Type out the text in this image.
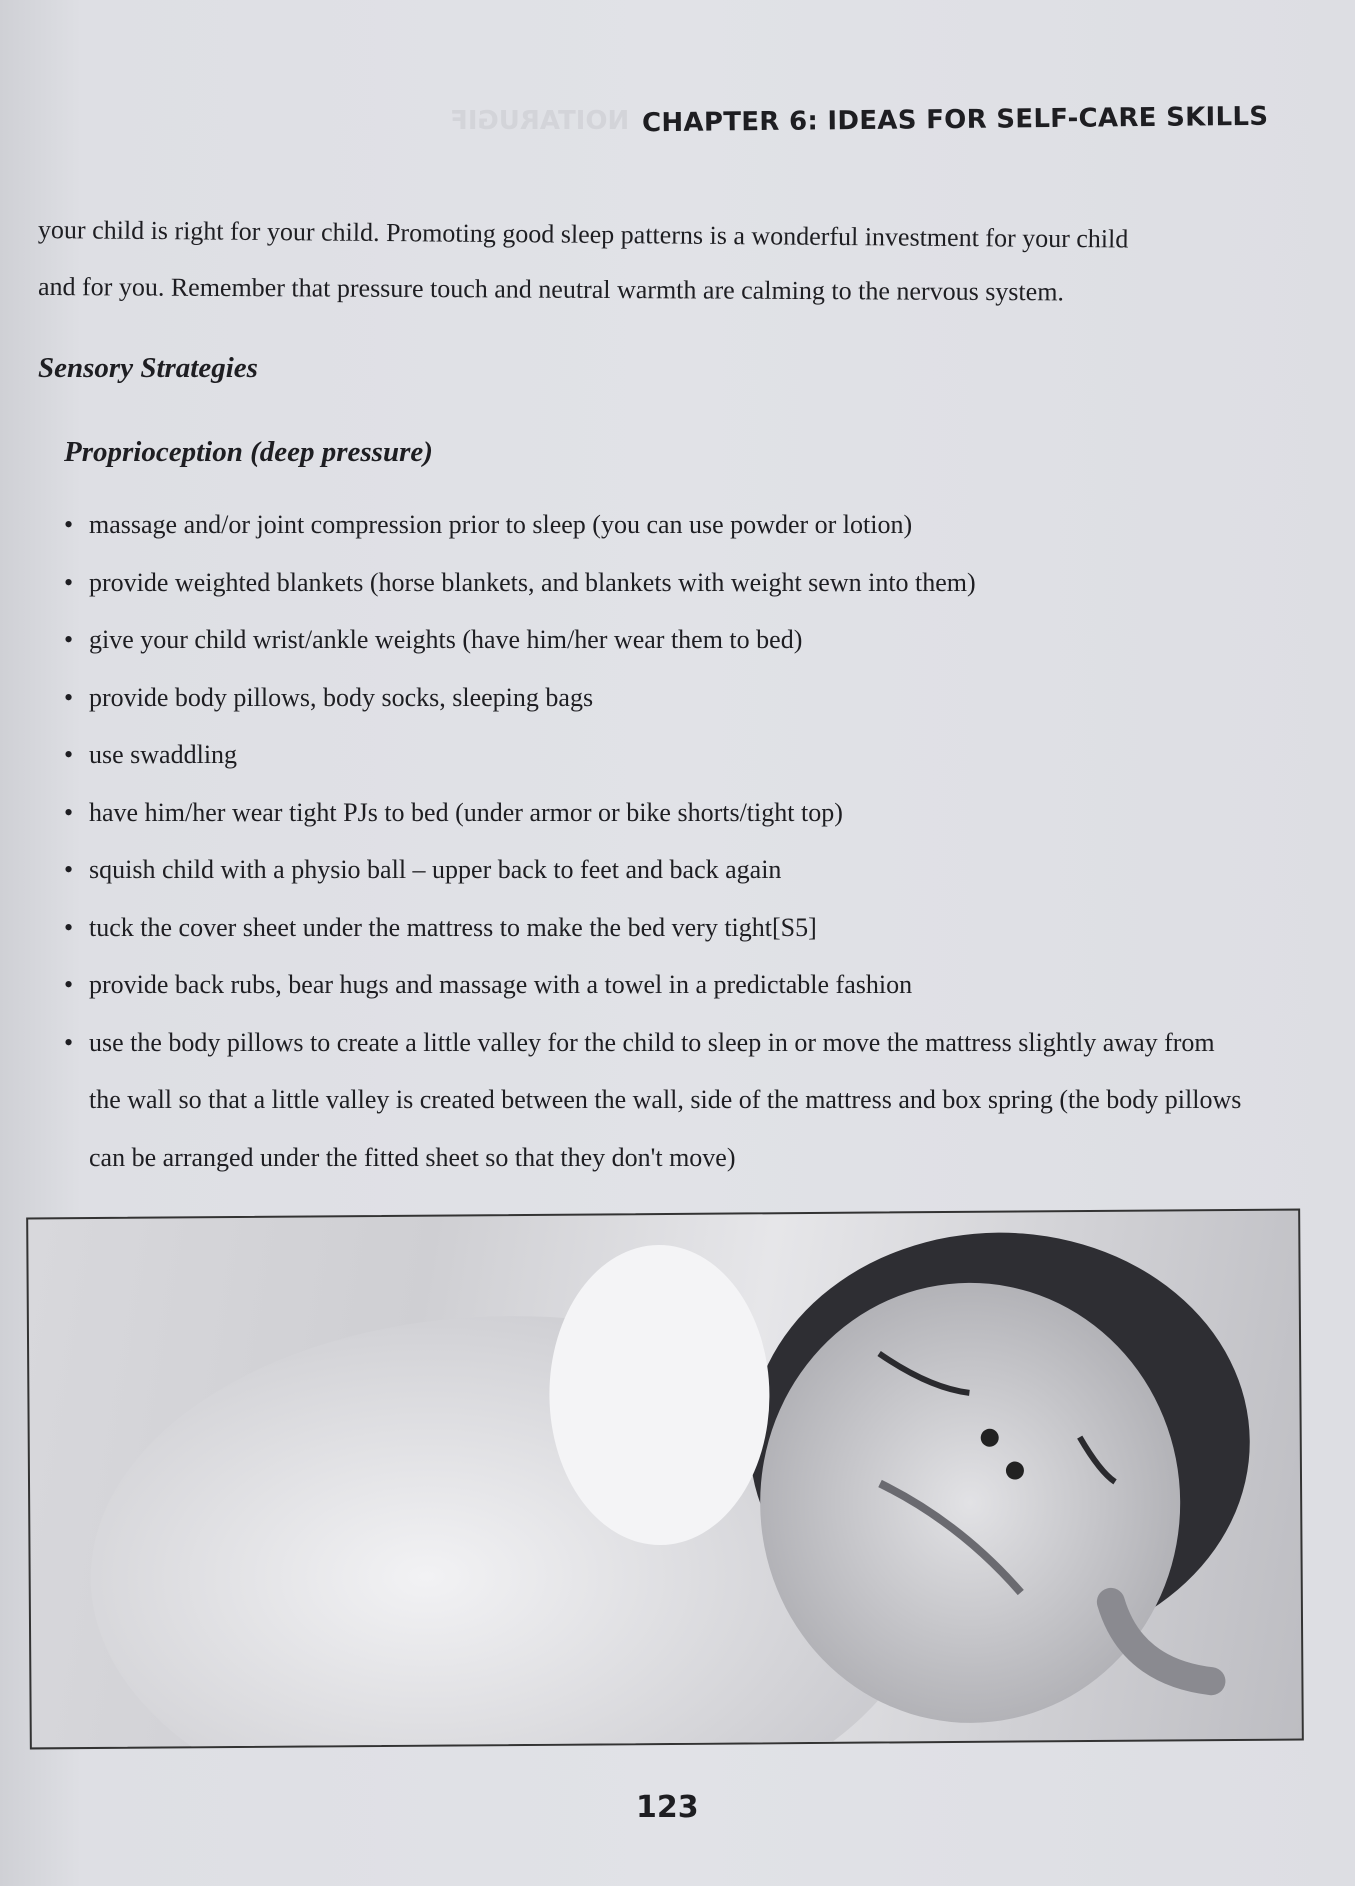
NOITARUGIF CHAPTER 6: IDEAS FOR SELF-CARE SKILLS
your child is right for your child. Promoting good sleep patterns is a wonderful investment for your child
and for you. Remember that pressure touch and neutral warmth are calming to the nervous system.
Sensory Strategies
Proprioception (deep pressure)
• massage and/or joint compression prior to sleep (you can use powder or lotion)
• provide weighted blankets (horse blankets, and blankets with weight sewn into them)
• give your child wrist/ankle weights (have him/her wear them to bed)
• provide body pillows, body socks, sleeping bags
• use swaddling
• have him/her wear tight PJs to bed (under armor or bike shorts/tight top)
• squish child with a physio ball – upper back to feet and back again
• tuck the cover sheet under the mattress to make the bed very tight[S5]
• provide back rubs, bear hugs and massage with a towel in a predictable fashion
• use the body pillows to create a little valley for the child to sleep in or move the mattress slightly away from the wall so that a little valley is created between the wall, side of the mattress and box spring (the body pillows can be arranged under the fitted sheet so that they don't move)
123
